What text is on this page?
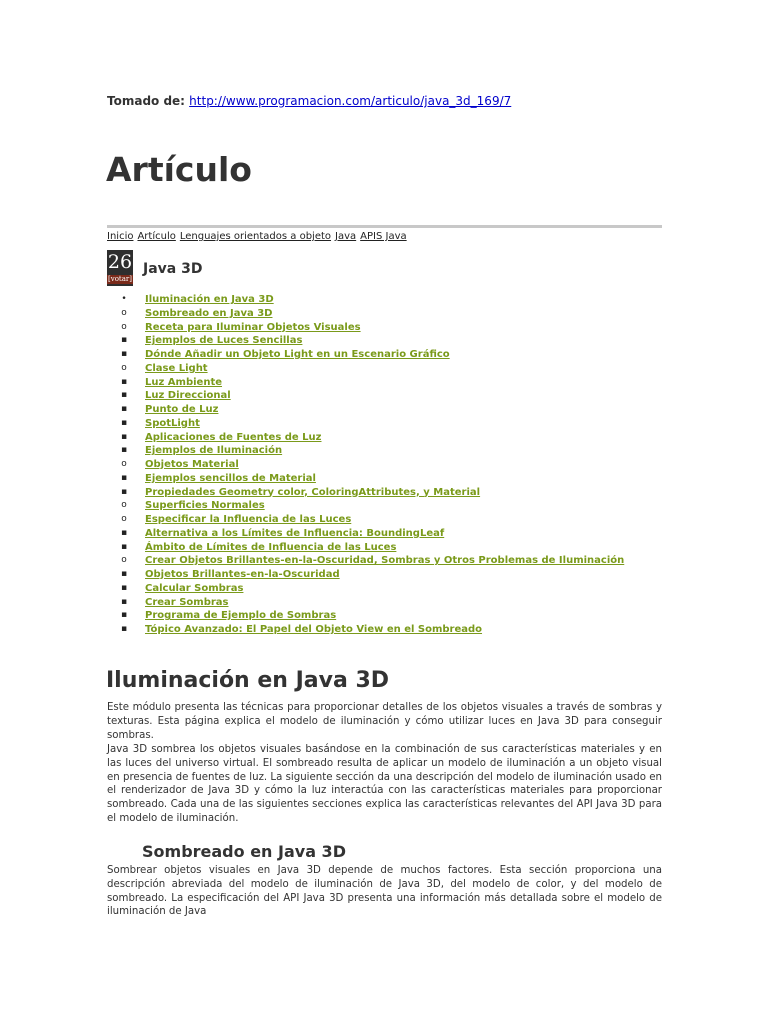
Tomado de: http://www.programacion.com/articulo/java_3d_169/7
Artículo
Inicio Artículo Lenguajes orientados a objeto Java APIS Java
26
[votar]
Java 3D
• Iluminación en Java 3D
o Sombreado en Java 3D
o Receta para Iluminar Objetos Visuales
▪ Ejemplos de Luces Sencillas
▪ Dónde Añadir un Objeto Light en un Escenario Gráfico
o Clase Light
▪ Luz Ambiente
▪ Luz Direccional
▪ Punto de Luz
▪ SpotLight
▪ Aplicaciones de Fuentes de Luz
▪ Ejemplos de Iluminación
o Objetos Material
▪ Ejemplos sencillos de Material
▪ Propiedades Geometry color, ColoringAttributes, y Material
o Superficies Normales
o Especificar la Influencia de las Luces
▪ Alternativa a los Límites de Influencia: BoundingLeaf
▪ Ámbito de Límites de Influencia de las Luces
o Crear Objetos Brillantes-en-la-Oscuridad, Sombras y Otros Problemas de Iluminación
▪ Objetos Brillantes-en-la-Oscuridad
▪ Calcular Sombras
▪ Crear Sombras
▪ Programa de Ejemplo de Sombras
▪ Tópico Avanzado: El Papel del Objeto View en el Sombreado
Iluminación en Java 3D

Este módulo presenta las técnicas para proporcionar detalles de los objetos visuales a través de sombras y texturas. Esta página explica el modelo de iluminación y cómo utilizar luces en Java 3D para conseguir sombras.

Java 3D sombrea los objetos visuales basándose en la combinación de sus características materiales y en las luces del universo virtual. El sombreado resulta de aplicar un modelo de iluminación a un objeto visual en presencia de fuentes de luz. La siguiente sección da una descripción del modelo de iluminación usado en el renderizador de Java 3D y cómo la luz interactúa con las características materiales para proporcionar sombreado. Cada una de las siguientes secciones explica las características relevantes del API Java 3D para el modelo de iluminación.

Sombreado en Java 3D

Sombrear objetos visuales en Java 3D depende de muchos factores. Esta sección proporciona una descripción abreviada del modelo de iluminación de Java 3D, del modelo de color, y del modelo de sombreado. La especificación del API Java 3D presenta una información más detallada sobre el modelo de iluminación de Java
